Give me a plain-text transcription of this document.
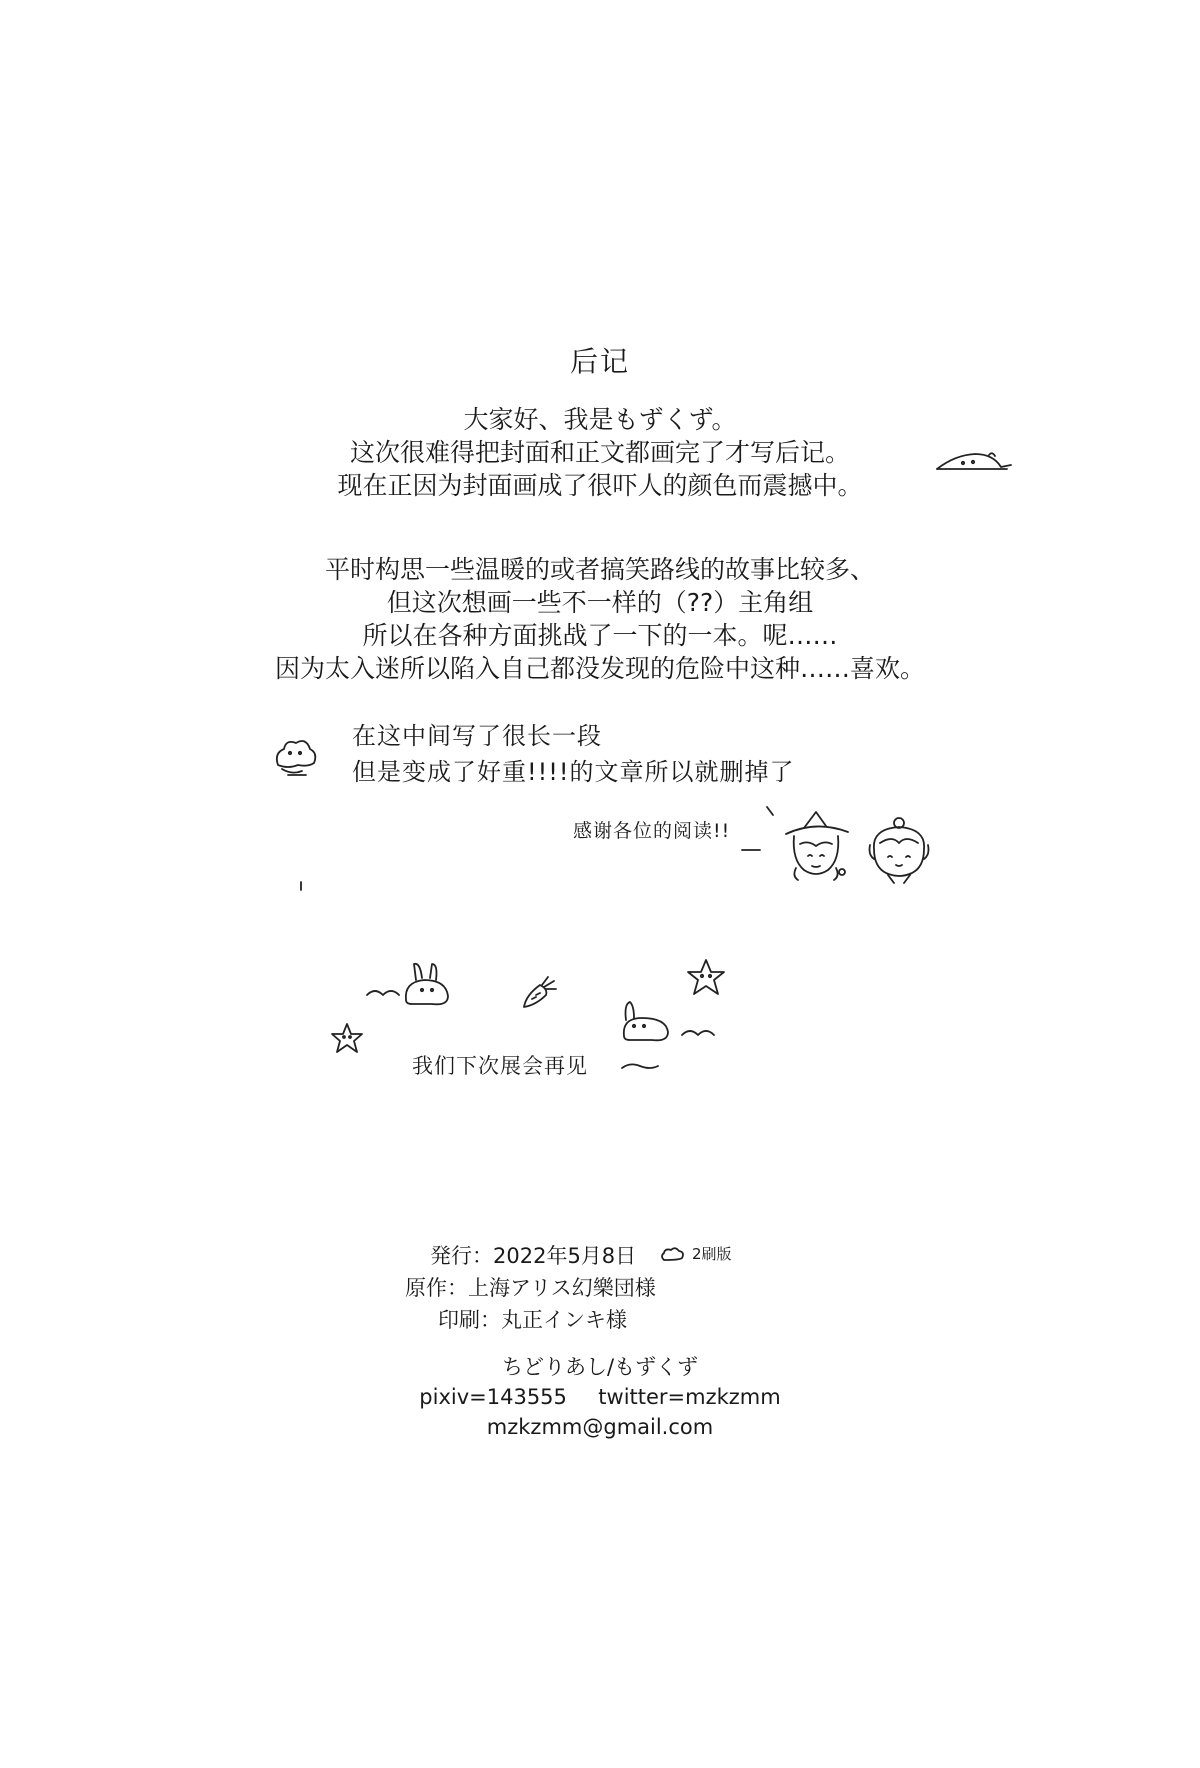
后记
大家好、我是もずくず。
这次很难得把封面和正文都画完了才写后记。
现在正因为封面画成了很吓人的颜色而震撼中。
平时构思一些温暖的或者搞笑路线的故事比较多、
但这次想画一些不一样的（??）主角组
所以在各种方面挑战了一下的一本。呢……
因为太入迷所以陷入自己都没发现的危险中这种……喜欢。
在这中间写了很长一段
但是变成了好重!!!!的文章所以就删掉了
感谢各位的阅读!!
我们下次展会再见
発行：2022年5月8日	2刷版
原作：上海アリス幻樂団様
印刷：丸正インキ様
ちどりあし/もずくず
pixiv=143555 twitter=mzkzmm
mzkzmm@gmail.com
